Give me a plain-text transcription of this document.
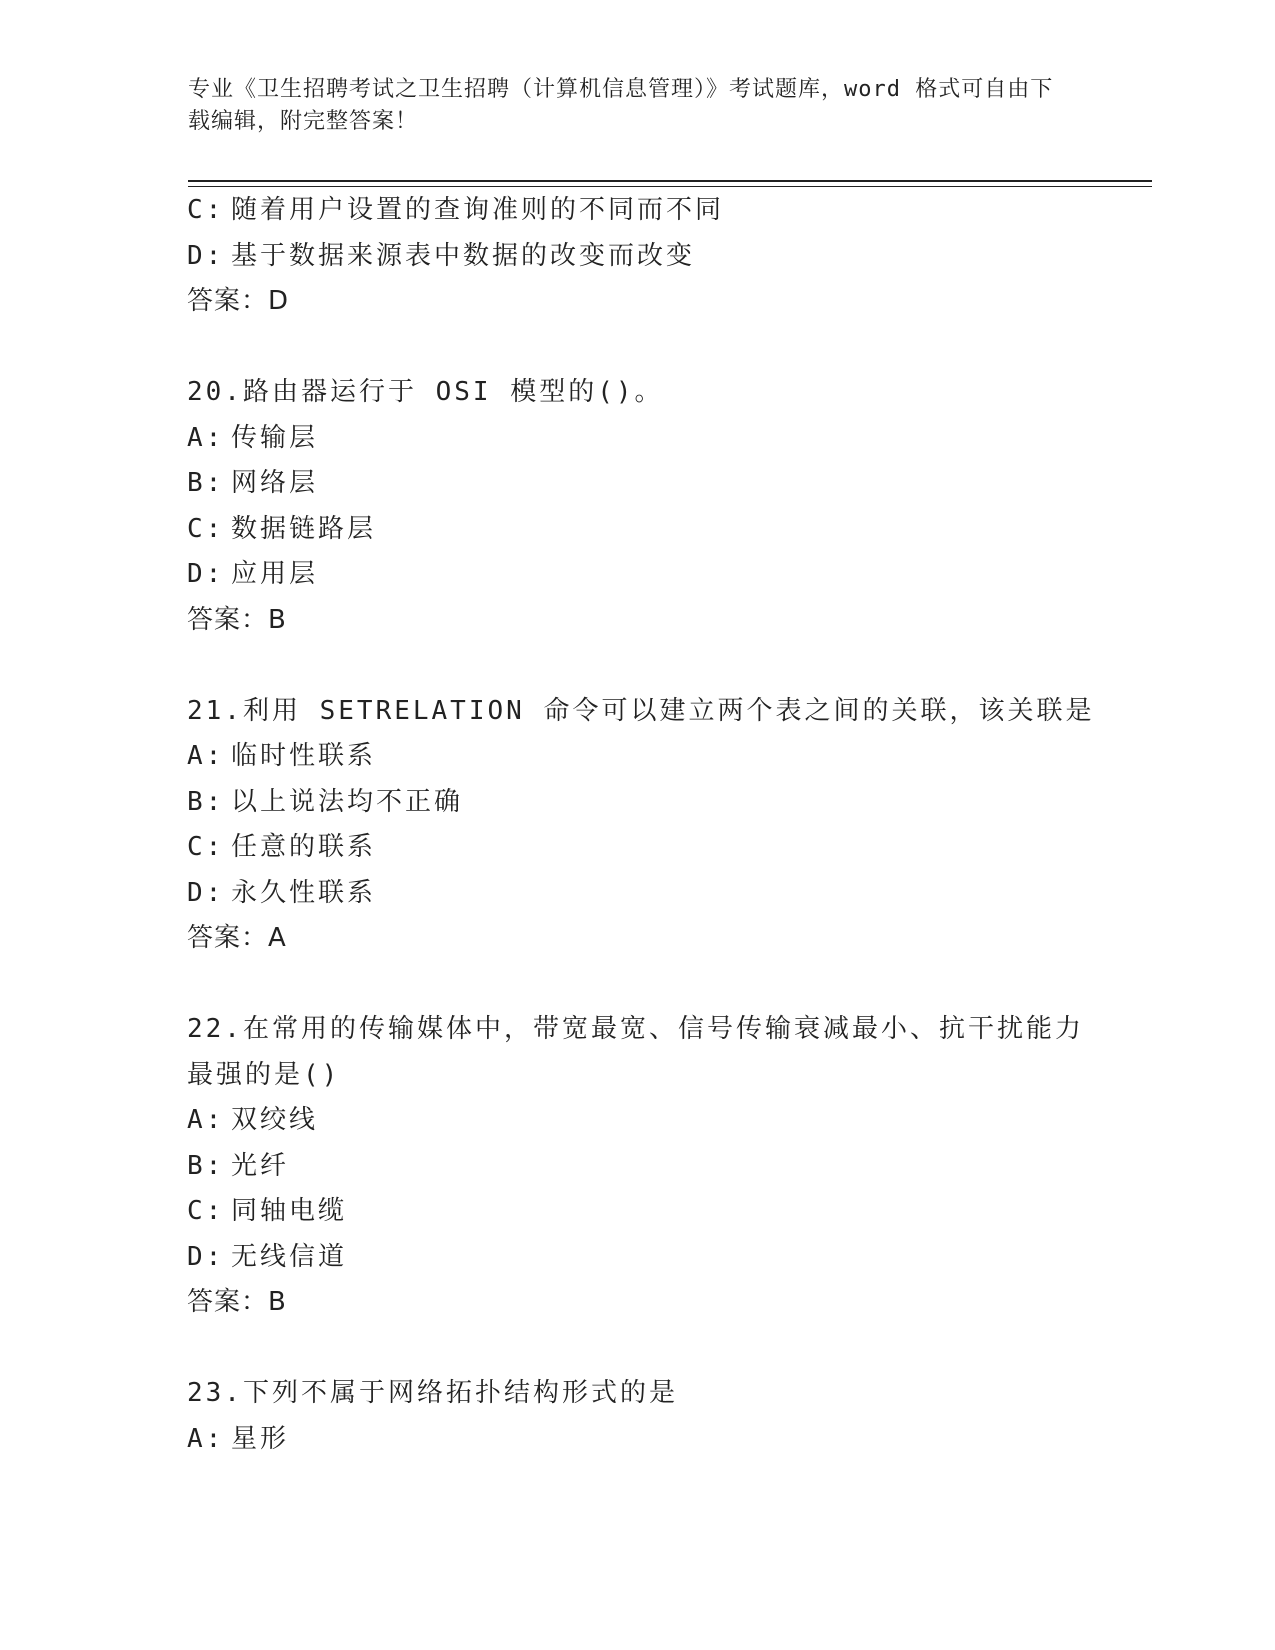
专业《卫生招聘考试之卫生招聘（计算机信息管理）》考试题库，word 格式可自由下载编辑，附完整答案！
C: 随着用户设置的查询准则的不同而不同
D: 基于数据来源表中数据的改变而改变
答案：D
20.路由器运行于 OSI 模型的()。
A: 传输层
B: 网络层
C: 数据链路层
D: 应用层
答案：B
21.利用 SETRELATION 命令可以建立两个表之间的关联，该关联是
A: 临时性联系
B: 以上说法均不正确
C: 任意的联系
D: 永久性联系
答案：A
22.在常用的传输媒体中，带宽最宽、信号传输衰减最小、抗干扰能力最强的是()
A: 双绞线
B: 光纤
C: 同轴电缆
D: 无线信道
答案：B
23.下列不属于网络拓扑结构形式的是
A: 星形
